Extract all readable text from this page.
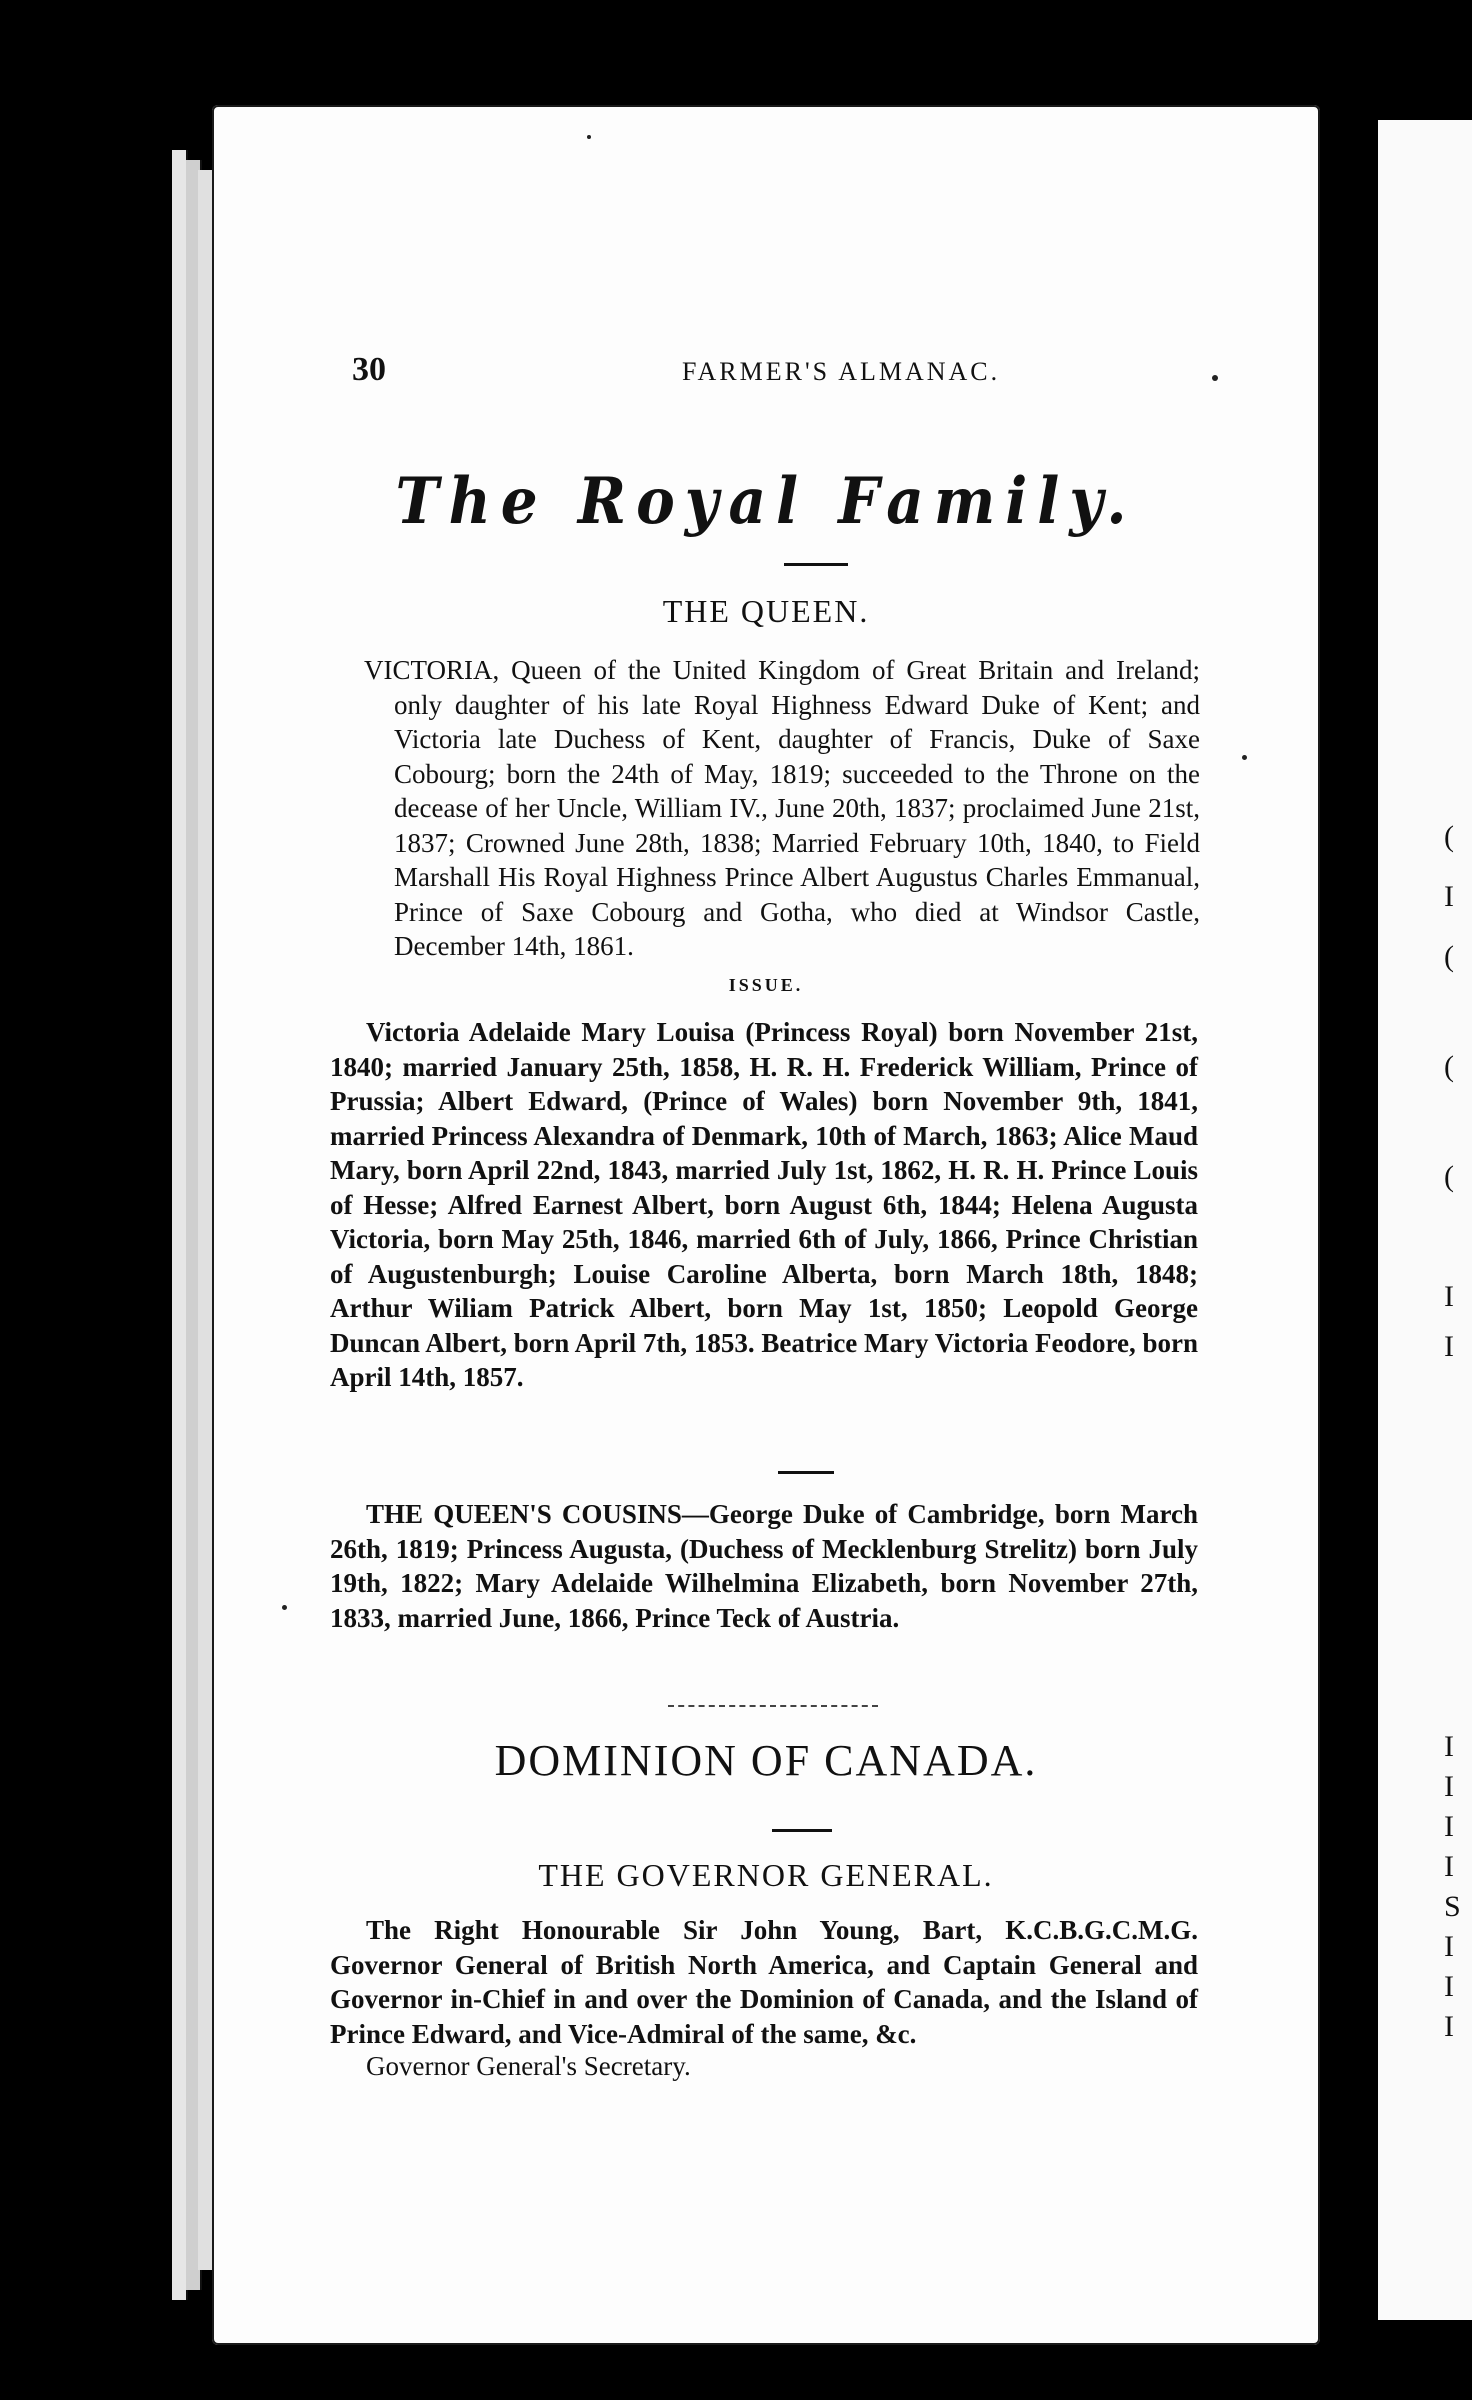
(
I
(
(
(
I
I
I
I
I
I
S
I
I
I
30	FARMER'S ALMANAC.
The Royal Family.
THE QUEEN.
VICTORIA, Queen of the United Kingdom of Great Britain and Ireland; only daughter of his late Royal Highness Edward Duke of Kent; and Victoria late Duchess of Kent, daughter of Francis, Duke of Saxe Cobourg; born the 24th of May, 1819; succeeded to the Throne on the decease of her Uncle, William IV., June 20th, 1837; proclaimed June 21st, 1837; Crowned June 28th, 1838; Married February 10th, 1840, to Field Marshall His Royal Highness Prince Albert Augustus Charles Emmanual, Prince of Saxe Cobourg and Gotha, who died at Windsor Castle, December 14th, 1861.
ISSUE.
Victoria Adelaide Mary Louisa (Princess Royal) born November 21st, 1840; married January 25th, 1858, H. R. H. Frederick William, Prince of Prussia; Albert Edward, (Prince of Wales) born November 9th, 1841, married Princess Alexandra of Denmark, 10th of March, 1863; Alice Maud Mary, born April 22nd, 1843, married July 1st, 1862, H. R. H. Prince Louis of Hesse; Alfred Earnest Albert, born August 6th, 1844; Helena Augusta Victoria, born May 25th, 1846, married 6th of July, 1866, Prince Christian of Augustenburgh; Louise Caroline Alberta, born March 18th, 1848; Arthur Wiliam Patrick Albert, born May 1st, 1850; Leopold George Duncan Albert, born April 7th, 1853. Beatrice Mary Victoria Feodore, born April 14th, 1857.
THE QUEEN'S COUSINS—George Duke of Cambridge, born March 26th, 1819; Princess Augusta, (Duchess of Mecklenburg Strelitz) born July 19th, 1822; Mary Adelaide Wilhelmina Elizabeth, born November 27th, 1833, married June, 1866, Prince Teck of Austria.
DOMINION OF CANADA.
THE GOVERNOR GENERAL.
The Right Honourable Sir John Young, Bart, K.C.B.G.C.M.G. Governor General of British North America, and Captain General and Governor in-Chief in and over the Dominion of Canada, and the Island of Prince Edward, and Vice-Admiral of the same, &c.
Governor General's Secretary.
